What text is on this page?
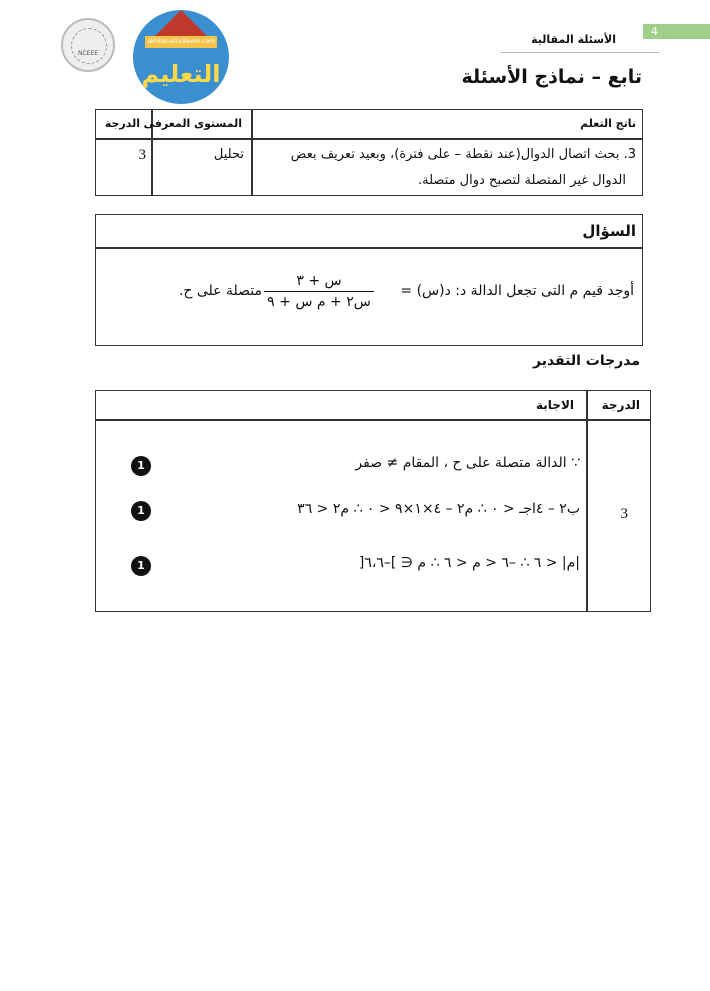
4
الأسئلة المقالية
تابع – نماذج الأسئلة
NCEEE
akhbar-elta3leem.com
التعليم
ناتج التعلم
المستوى المعرفى
الدرجة
3. بحث اتصال الدوال(عند نقطة – على فترة)، وبعيد تعريف بعض
الدوال غير المتصلة لتصبح دوال متصلة.
تحليل
3
السؤال
أوجد قيم م التى تجعل الدالة د: د(س) =
س + ٣
س٢ + م س + ٩
متصلة على ح.
مدرجات التقدير
الدرجة
الاجابة
3
∵ الدالة متصلة على ح ، المقام ≠ صفر
1
ب٢ – ٤اجـ < ٠ ∴ م٢ – ٤×١×٩ < ٠ ∴ م٢ < ٣٦
1
|م| < ٦ ∴ –٦ < م < ٦ ∴ م ∈ ]–٦،٦[
1
